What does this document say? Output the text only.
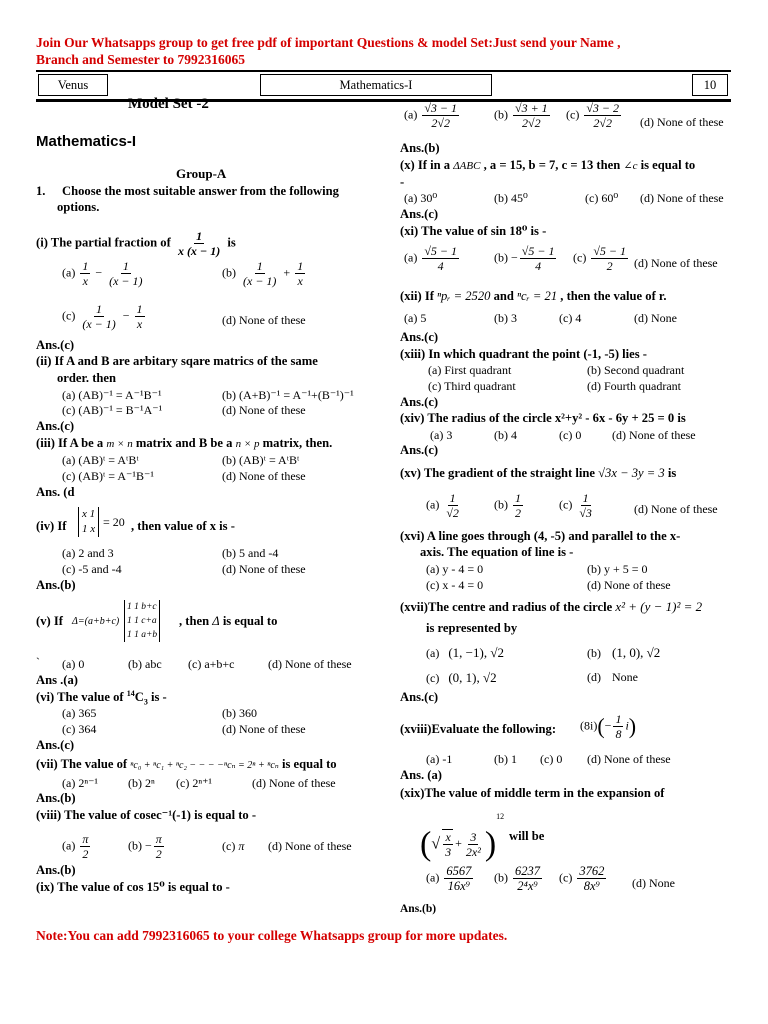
Join Our Whatsapps group to get free pdf of important Questions & model Set:Just send your Name ,
Branch and Semester to 7992316065
Venus	Mathematics-I	10
Model Set -2
Mathematics-I
Group-A
1. Choose the most suitable answer from the following
options.
(i) The partial fraction of $\frac{1}{x (x - 1)}$ is
$(a) \frac{1}{x} - \frac{1}{(x - 1)}$	$(b) \frac{1}{(x - 1)} + \frac{1}{x}$
$(c) \frac{1}{(x - 1)} - \frac{1}{x}$	(d) None of these
Ans.(c)
(ii) If A and B are arbitary sqare matrics of the same
order. then
(a) (AB)⁻¹ = A⁻¹B⁻¹	(b) (A+B)⁻¹ = A⁻¹+(B⁻¹)⁻¹
(c) (AB)⁻¹ = B⁻¹A⁻¹	(d) None of these
Ans.(c)
(iii) If A be a m × n matrix and B be a n × p matrix, then.
(a) (AB)ᵗ = AᵗBᵗ	(b) (AB)ᵗ = AᵗBᵗ
(c) (AB)ᵗ = A⁻¹B⁻¹	(d) None of these
Ans. (d
(iv) If
x 1
1 x = 20 , then value of x is -
(a) 2 and 3	(b) 5 and -4
(c) -5 and -4	(d) None of these
Ans.(b)
(v) If Δ=(a+b+c)
1 1 b+c
1 1 c+a
1 1 a+b
, then Δ is equal to
` (a) 0	(b) abc (c) a+b+c	(d) None of these
Ans .(a)
(vi) The value of $^{14}C_3$ is -
(a) 365	(b) 360
(c) 364	(d) None of these
Ans.(c)
(vii) The value of ⁿc₀ + ⁿc₁ + ⁿc₂ − − − −ⁿcₙ = 2ⁿ + ⁿcₙ is equal to
(a) 2ⁿ⁻¹ (b) 2ⁿ (c) 2ⁿ⁺¹	(d) None of these
Ans.(b)
(viii) The value of cosec⁻¹(-1) is equal to -
$(a) \frac{\pi}{2}$	$(b) - \frac{\pi}{2}$	(c) π (d) None of these
Ans.(b)
(ix) The value of cos 15⁰ is equal to -
$(a) \frac{√3 - 1}{2√2}$	$(b) \frac{√3 + 1}{2√2} (c) \frac{√3 - 2}{2√2} (d)$ None of these
Ans.(b)
(x) If in a ΔABC , a = 15, b = 7, c = 13 then ∠c is equal to
-
(a) 30⁰	(b) 45⁰	(c) 60⁰ (d) None of these
Ans.(c)
(xi) The value of sin 18⁰ is -
$(a) \frac{√5 - 1}{4}$	$(b) - \frac{√5 - 1}{4} (c) \frac{√5 - 1}{2} (d)$ None of these
(xii) If ⁿpᵣ = 2520 and ⁿcᵣ = 21 , then the value of r.
(a) 5	(b) 3	(c) 4	(d) None
Ans.(c)
(xiii) In which quadrant the point (-1, -5) lies -
(a) First quadrant	(b) Second quadrant
(c) Third quadrant	(d) Fourth quadrant
Ans.(c)
(xiv) The radius of the circle x²+y² - 6x - 6y + 25 = 0 is
(a) 3	(b) 4	(c) 0	(d) None of these
Ans.(c)
(xv) The gradient of the straight line √3x − 3y = 3 is
$(a) \frac{1}{√2}$	$(b) \frac{1}{2}$	$(c) \frac{1}{√3}$	(d) None of these
(xvi) A line goes through (4, -5) and parallel to the x-
axis. The equation of line is -
(a) y - 4 = 0	(b) y + 5 = 0
(c) x - 4 = 0	(d) None of these
(xvii)The centre and radius of the circle x² + (y − 1)² = 2
is represented by
(a) (1, −1), √2	(b) (1, 0), √2
(c) (0, 1), √2	(d) None
Ans.(c)
(xviii)Evaluate the following: $(8i)(- \frac{1}{8} i)$
(a) -1	(b) 1 (c) 0 (d) None of these
Ans. (a)
(xix)The value of middle term in the expansion of
(√ $\frac{x}{3} + \frac{3}{\text{2x²}} )^{12}$
will be
$(a) \frac{6567}{\text{16x⁹}} (b) \frac{6237}{\text{2⁴x⁹}} (c) \frac{3762}{\text{8x⁹}} (d)$ None
Ans.(b)
Note:You can add 7992316065 to your college Whatsapps group for more updates.
